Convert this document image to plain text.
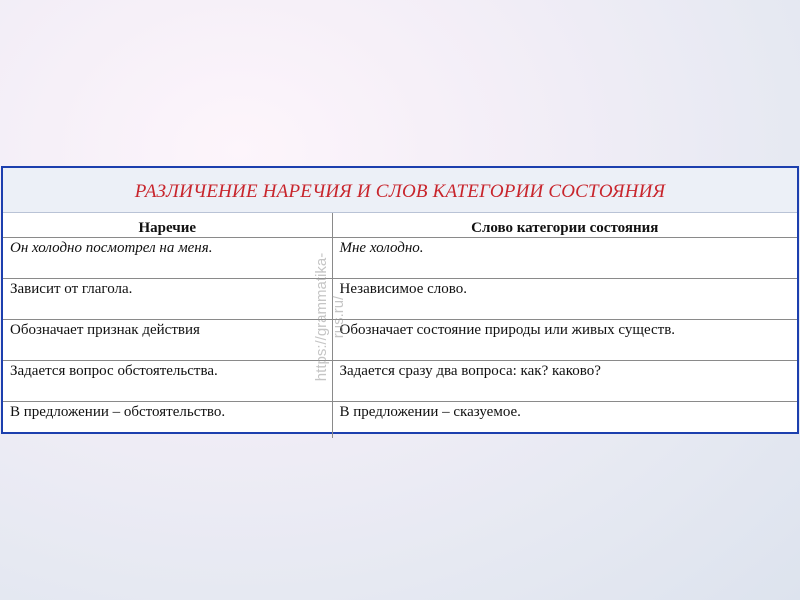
РАЗЛИЧЕНИЕ НАРЕЧИЯ И СЛОВ КАТЕГОРИИ СОСТОЯНИЯ
Наречие	Слово категории состояния
Он холодно посмотрел на меня.	Мне холодно.
Зависит от глагола.	Независимое слово.
Обозначает признак действия	Обозначает состояние природы или живых существ.
Задается вопрос обстоятельства.	Задается сразу два вопроса: как? каково?
В предложении – обстоятельство.	В предложении – сказуемое.
https://grammatika-rus.ru/
